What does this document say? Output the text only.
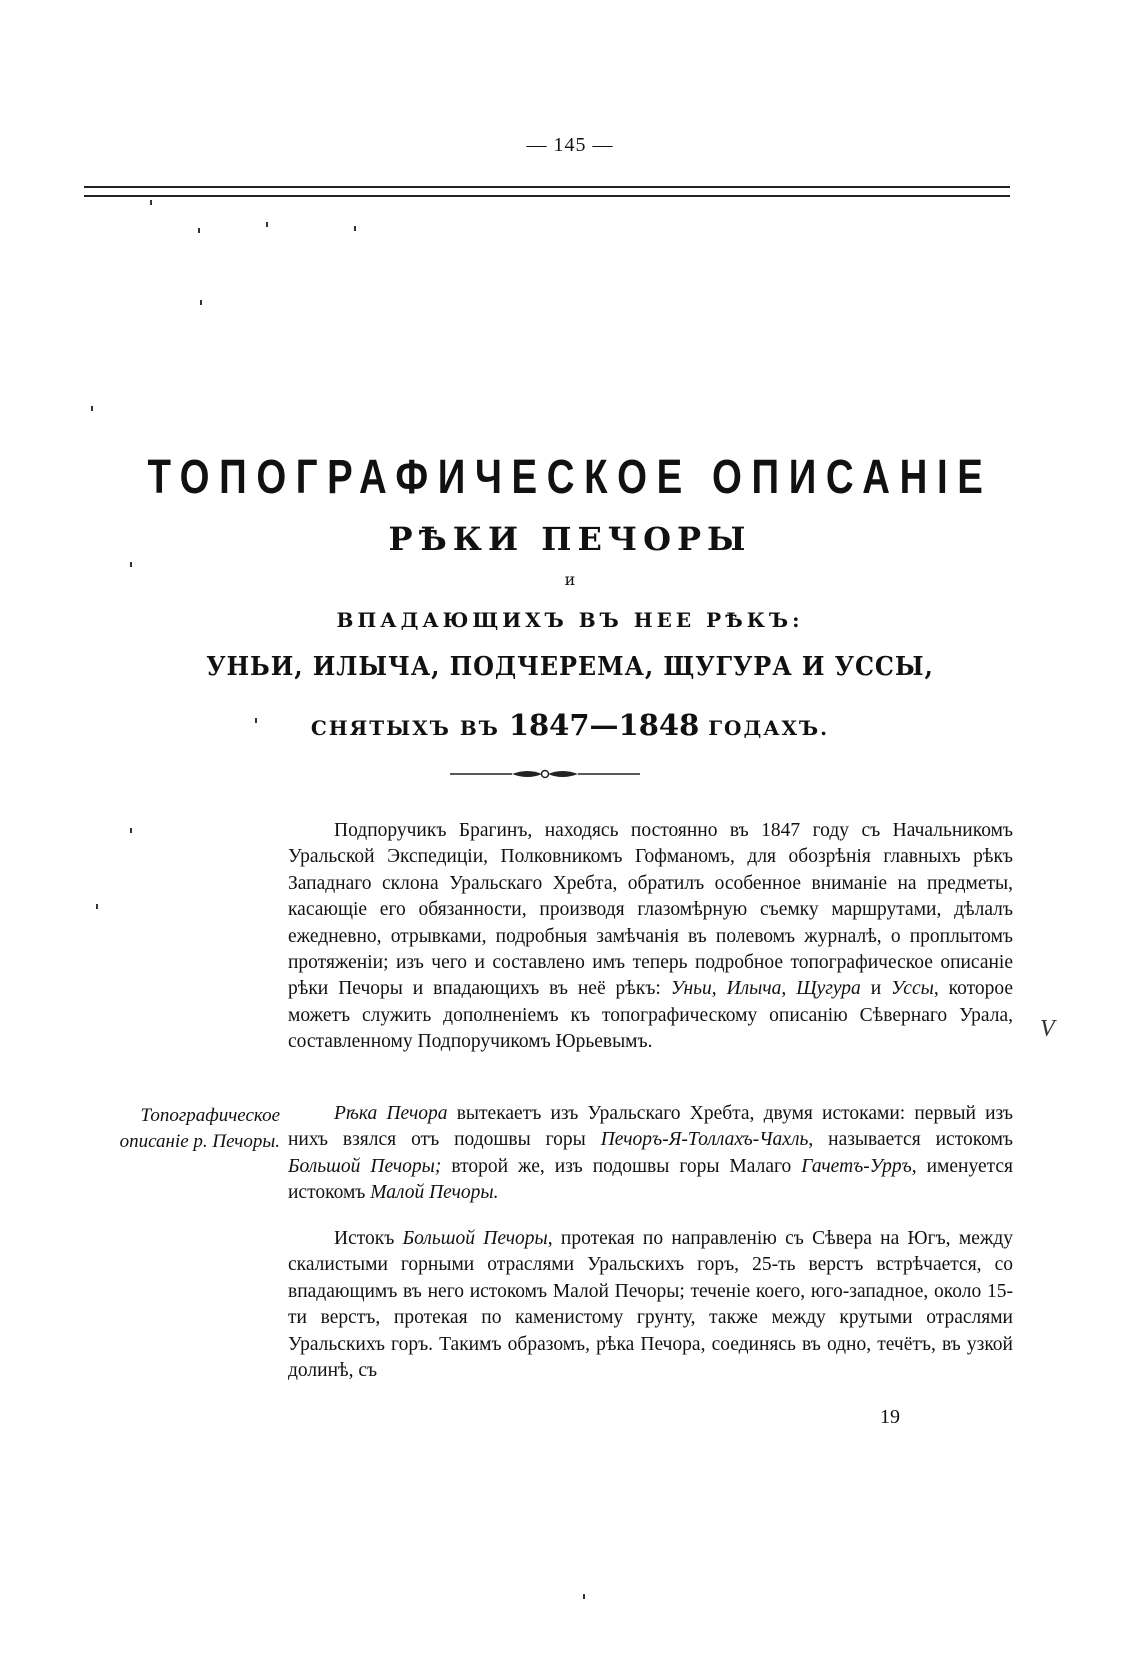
— 145 —
ТОПОГРАФИЧЕСКОЕ ОПИСАНІЕ
РѢКИ ПЕЧОРЫ
и
ВПАДАЮЩИХЪ ВЪ НЕЕ РѢКЪ:
УНЬИ, ИЛЫЧА, ПОДЧЕРЕМА, ЩУГУРА И УССЫ,
СНЯТЫХЪ ВЪ 1847—1848 ГОДАХЪ.

Подпоручикъ Брагинъ, находясь постоянно въ 1847 году съ Начальникомъ Уральской Экспедиціи, Полковникомъ Гофманомъ, для обозрѣнія главныхъ рѣкъ Западнаго склона Уральскаго Хребта, обратилъ особенное вниманіе на предметы, касающіе его обязанности, производя глазомѣрную съемку маршрутами, дѣлалъ ежедневно, отрывками, подробныя замѣчанія въ полевомъ журналѣ, о проплытомъ протяженіи; изъ чего и составлено имъ теперь подробное топографическое описаніе рѣки Печоры и впадающихъ въ неё рѣкъ: Уньи, Илыча, Щугура и Уссы, которое можетъ служить дополненіемъ къ топографическому описанію Сѣвернаго Урала, составленному Подпоручикомъ Юрьевымъ.

Топографическое
описаніе р. Печоры.

Рѣка Печора вытекаетъ изъ Уральскаго Хребта, двумя истоками: первый изъ нихъ взялся отъ подошвы горы Печоръ-Я-Толлахъ-Чахль, называется истокомъ Большой Печоры; второй же, изъ подошвы горы Малаго Гачетъ-Урръ, именуется истокомъ Малой Печоры.

Истокъ Большой Печоры, протекая по направленію съ Сѣвера на Югъ, между скалистыми горными отраслями Уральскихъ горъ, 25-ть верстъ встрѣчается, со впадающимъ въ него истокомъ Малой Печоры; теченіе коего, юго-западное, около 15-ти верстъ, протекая по каменистому грунту, также между крутыми отраслями Уральскихъ горъ. Такимъ образомъ, рѣка Печора, соединясь въ одно, течётъ, въ узкой долинѣ, съ

19
V
